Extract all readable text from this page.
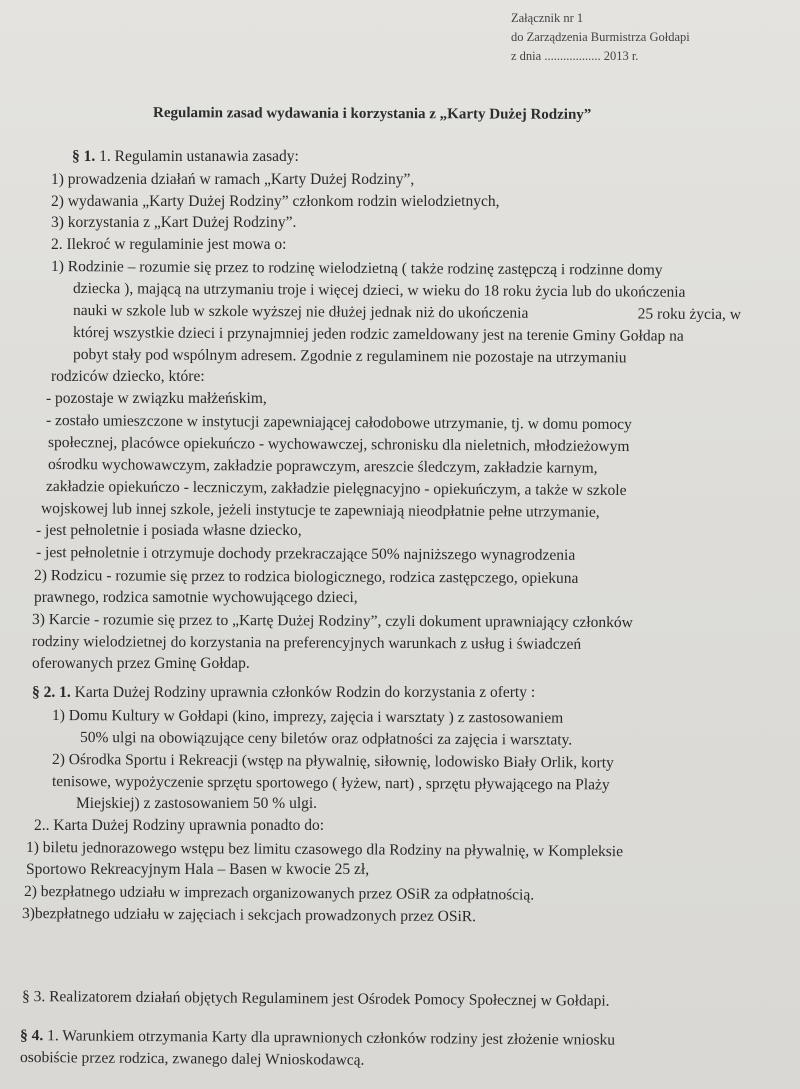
Załącznik nr 1
do Zarządzenia Burmistrza Gołdapi
z dnia .................. 2013 r.
Regulamin zasad wydawania i korzystania z „Karty Dużej Rodziny”
§ 1. 1. Regulamin ustanawia zasady:
1) prowadzenia działań w ramach „Karty Dużej Rodziny”,
2) wydawania „Karty Dużej Rodziny” członkom rodzin wielodzietnych,
3) korzystania z „Kart Dużej Rodziny”.
2. Ilekroć w regulaminie jest mowa o:
1) Rodzinie – rozumie się przez to rodzinę wielodzietną ( także rodzinę zastępczą i rodzinne domy
dziecka ), mającą na utrzymaniu troje i więcej dzieci, w wieku do 18 roku życia lub do ukończenia
nauki w szkole lub w szkole wyższej nie dłużej jednak niż do ukończenia	25 roku życia, w
której wszystkie dzieci i przynajmniej jeden rodzic zameldowany jest na terenie Gminy Gołdap na
pobyt stały pod wspólnym adresem. Zgodnie z regulaminem nie pozostaje na utrzymaniu
rodziców dziecko, które:
- pozostaje w związku małżeńskim,
- zostało umieszczone w instytucji zapewniającej całodobowe utrzymanie, tj. w domu pomocy
społecznej, placówce opiekuńczo - wychowawczej, schronisku dla nieletnich, młodzieżowym
ośrodku wychowawczym, zakładzie poprawczym, areszcie śledczym, zakładzie karnym,
zakładzie opiekuńczo - leczniczym, zakładzie pielęgnacyjno - opiekuńczym, a także w szkole
wojskowej lub innej szkole, jeżeli instytucje te zapewniają nieodpłatnie pełne utrzymanie,
- jest pełnoletnie i posiada własne dziecko,
- jest pełnoletnie i otrzymuje dochody przekraczające 50% najniższego wynagrodzenia
2) Rodzicu - rozumie się przez to rodzica biologicznego, rodzica zastępczego, opiekuna
prawnego, rodzica samotnie wychowującego dzieci,
3) Karcie - rozumie się przez to „Kartę Dużej Rodziny”, czyli dokument uprawniający członków
rodziny wielodzietnej do korzystania na preferencyjnych warunkach z usług i świadczeń
oferowanych przez Gminę Gołdap.
§ 2. 1. Karta Dużej Rodziny uprawnia członków Rodzin do korzystania z oferty :
1) Domu Kultury w Gołdapi (kino, imprezy, zajęcia i warsztaty ) z zastosowaniem
50% ulgi na obowiązujące ceny biletów oraz odpłatności za zajęcia i warsztaty.
2) Ośrodka Sportu i Rekreacji (wstęp na pływalnię, siłownię, lodowisko Biały Orlik, korty
tenisowe, wypożyczenie sprzętu sportowego ( łyżew, nart) , sprzętu pływającego na Plaży
Miejskiej) z zastosowaniem 50 % ulgi.
2.. Karta Dużej Rodziny uprawnia ponadto do:
1) biletu jednorazowego wstępu bez limitu czasowego dla Rodziny na pływalnię, w Kompleksie
Sportowo Rekreacyjnym Hala – Basen w kwocie 25 zł,
2) bezpłatnego udziału w imprezach organizowanych przez OSiR za odpłatnością.
3)bezpłatnego udziału w zajęciach i sekcjach prowadzonych przez OSiR.
§ 3. Realizatorem działań objętych Regulaminem jest Ośrodek Pomocy Społecznej w Gołdapi.
§ 4. 1. Warunkiem otrzymania Karty dla uprawnionych członków rodziny jest złożenie wniosku
osobiście przez rodzica, zwanego dalej Wnioskodawcą.
